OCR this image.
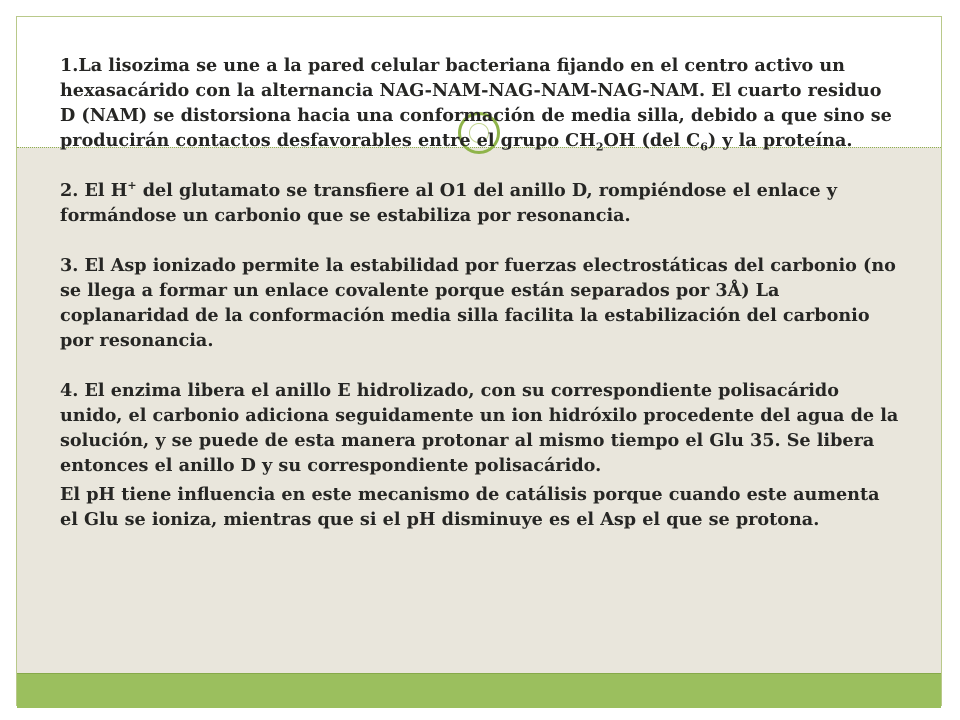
1.La lisozima se une a la pared celular bacteriana fijando en el centro activo un hexasacárido con la alternancia NAG-NAM-NAG-NAM-NAG-NAM. El cuarto residuo D (NAM) se distorsiona hacia una conformación de media silla, debido a que sino se producirán contactos desfavorables entre el grupo $CH_2OH$ (del $C_6$) y la proteína.

2. El H+ del glutamato se transfiere al O1 del anillo D, rompiéndose el enlace y formándose un carbonio que se estabiliza por resonancia.

3. El Asp ionizado permite la estabilidad por fuerzas electrostáticas del carbonio (no se llega a formar un enlace covalente porque están separados por 3Å) La coplanaridad de la conformación media silla facilita la estabilización del carbonio por resonancia.

4. El enzima libera el anillo E hidrolizado, con su correspondiente polisacárido unido, el carbonio adiciona seguidamente un ion hidróxilo procedente del agua de la solución, y se puede de esta manera protonar al mismo tiempo el Glu 35. Se libera entonces el anillo D y su correspondiente polisacárido.

El pH tiene influencia en este mecanismo de catálisis porque cuando este aumenta el Glu se ioniza, mientras que si el pH disminuye es el Asp el que se protona.
